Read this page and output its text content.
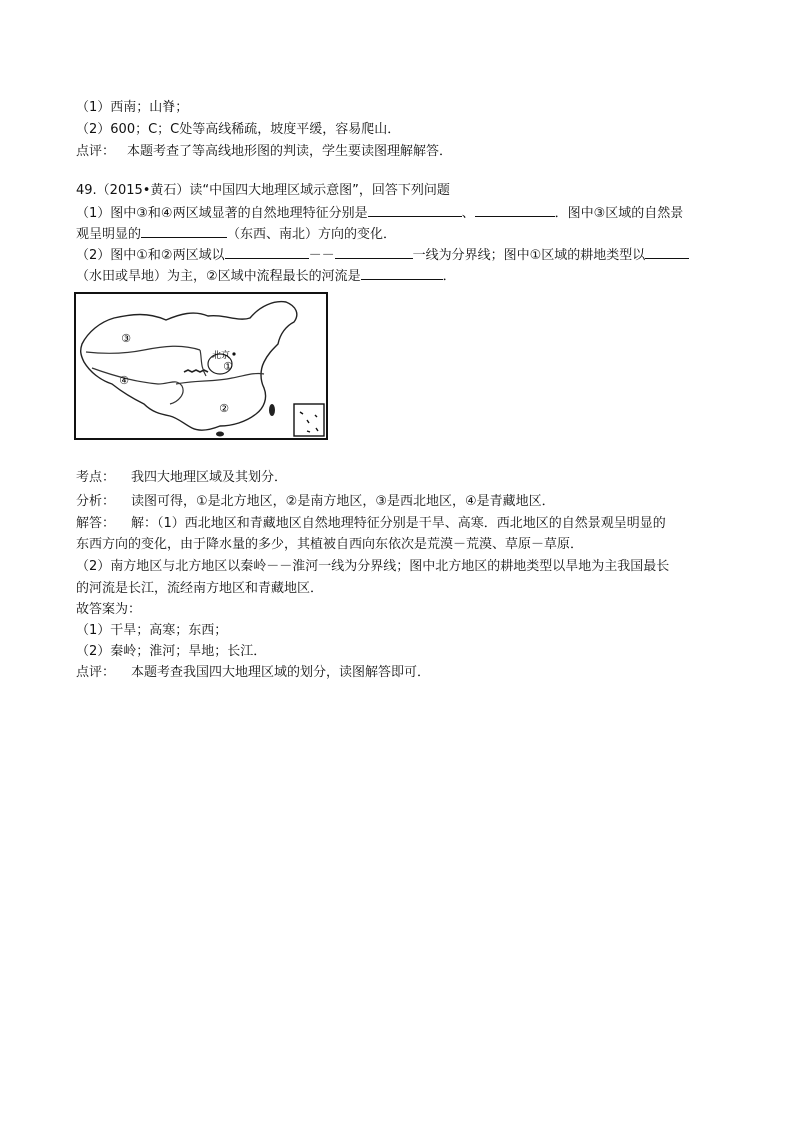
（1）西南；山脊；
（2）600；C；C处等高线稀疏，坡度平缓，容易爬山．
点评： 本题考查了等高线地形图的判读，学生要读图理解解答．
49.（2015•黄石）读“中国四大地理区域示意图”，回答下列问题
（1）图中③和④两区域显著的自然地理特征分别是	、	．图中③区域的自然景
观呈明显的	（东西、南北）方向的变化．
（2）图中①和②两区域以	－－	一线为分界线；图中①区域的耕地类型以
（水田或旱地）为主，②区域中流程最长的河流是	．
③
④
①
②
北京
考点： 我四大地理区域及其划分．
分析： 读图可得，①是北方地区，②是南方地区，③是西北地区，④是青藏地区．
解答： 解：（1）西北地区和青藏地区自然地理特征分别是干旱、高寒．西北地区的自然景观呈明显的
东西方向的变化，由于降水量的多少，其植被自西向东依次是荒漠－荒漠、草原－草原．
（2）南方地区与北方地区以秦岭－－淮河一线为分界线；图中北方地区的耕地类型以旱地为主我国最长
的河流是长江，流经南方地区和青藏地区．
故答案为：
（1）干旱；高寒；东西；
（2）秦岭；淮河；旱地；长江．
点评： 本题考查我国四大地理区域的划分，读图解答即可．
